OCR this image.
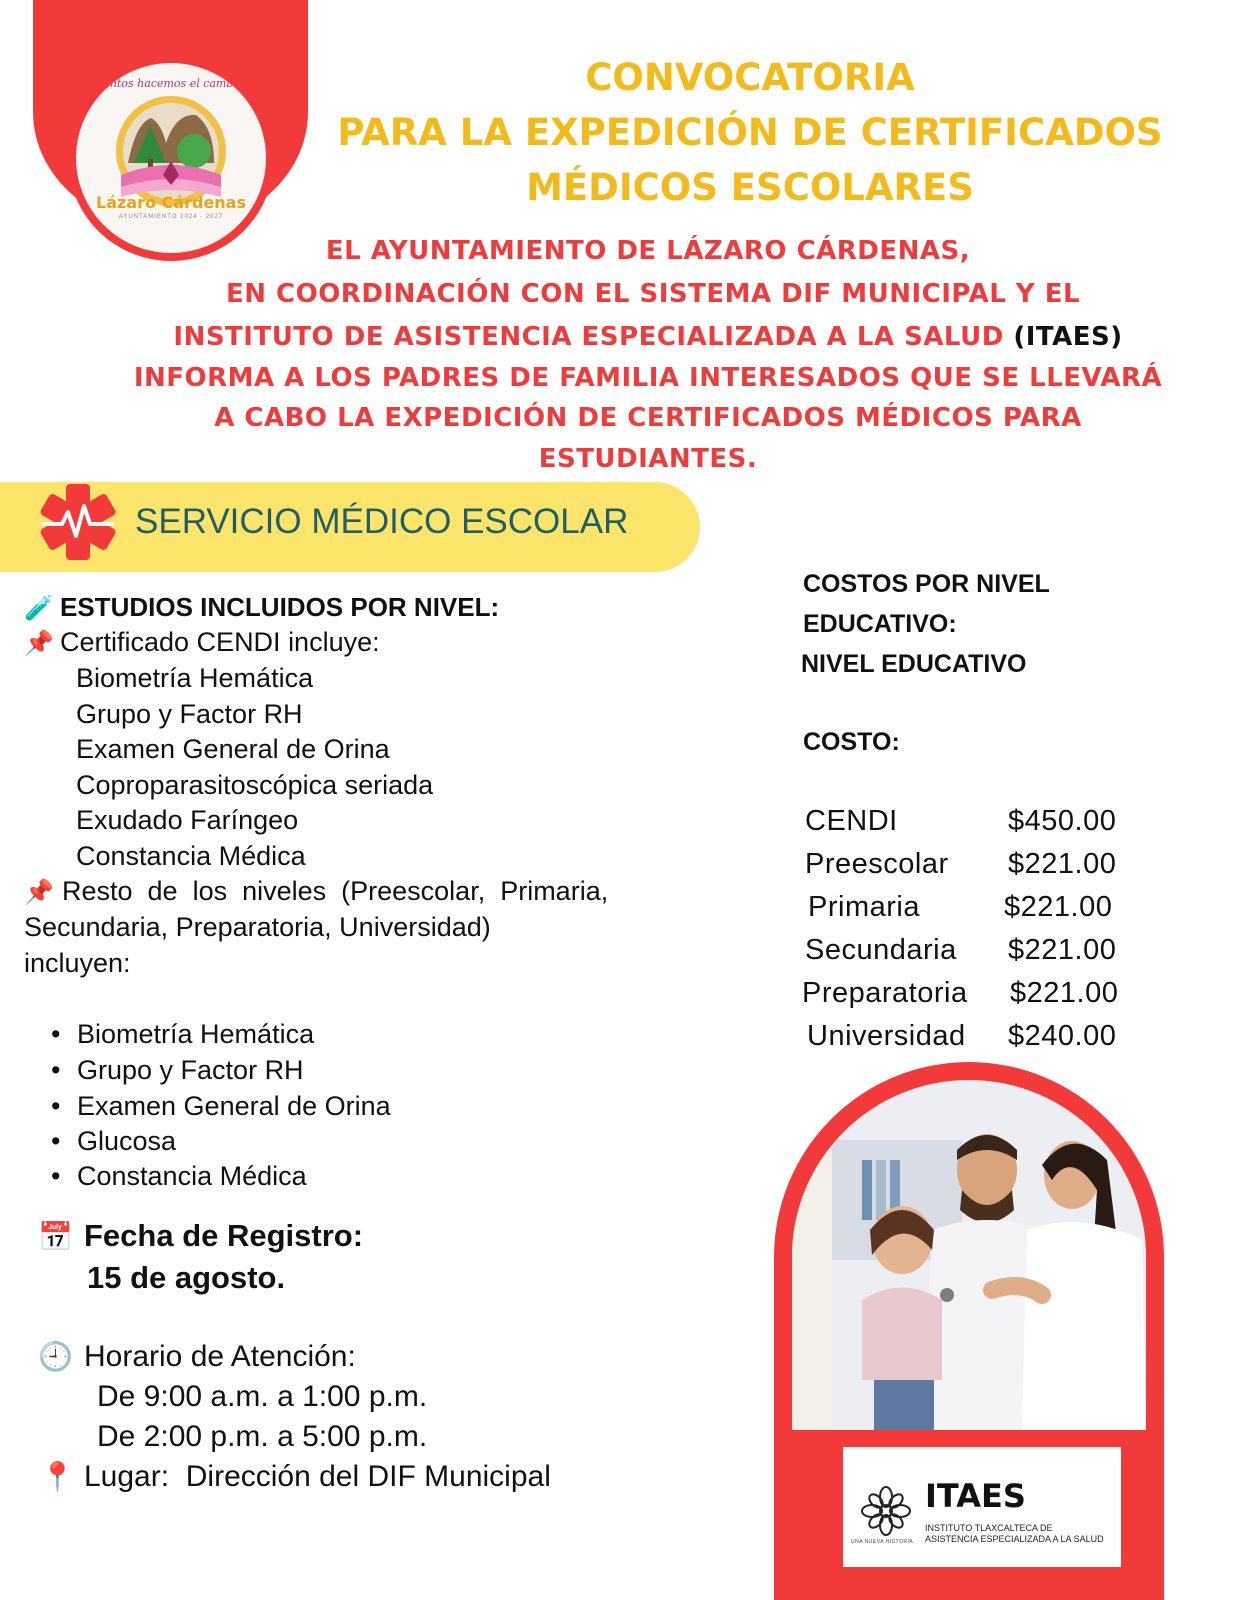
Juntos hacemos el cambio
Lázaro Cárdenas
AYUNTAMIENTO 2024 - 2027
CONVOCATORIA
PARA LA EXPEDICIÓN DE CERTIFICADOS
MÉDICOS ESCOLARES
EL AYUNTAMIENTO DE LÁZARO CÁRDENAS,
EN COORDINACIÓN CON EL SISTEMA DIF MUNICIPAL Y EL
INSTITUTO DE ASISTENCIA ESPECIALIZADA A LA SALUD (ITAES)
INFORMA A LOS PADRES DE FAMILIA INTERESADOS QUE SE LLEVARÁ
A CABO LA EXPEDICIÓN DE CERTIFICADOS MÉDICOS PARA
ESTUDIANTES.
SERVICIO MÉDICO ESCOLAR
🧪 ESTUDIOS INCLUIDOS POR NIVEL:
📌 Certificado CENDI incluye:
Biometría Hemática
Grupo y Factor RH
Examen General de Orina
Coproparasitoscópica seriada
Exudado Faríngeo
Constancia Médica
📌 Resto  de  los  niveles  (Preescolar,  Primaria,
Secundaria, Preparatoria, Universidad)
incluyen:
• Biometría Hemática
• Grupo y Factor RH
• Examen General de Orina
• Glucosa
• Constancia Médica
📅 Fecha de Registro:
15 de agosto.
🕘 Horario de Atención:
De 9:00 a.m. a 1:00 p.m.
De 2:00 p.m. a 5:00 p.m.
📍 Lugar: Dirección del DIF Municipal
COSTOS POR NIVEL
EDUCATIVO:
NIVEL EDUCATIVO
COSTO:
CENDI	$450.00
Preescolar $221.00
Primaria	$221.00
Secundaria $221.00
Preparatoria $221.00
Universidad $240.00
UNA NUEVA HISTORIA
ITAES
INSTITUTO TLAXCALTECA DE
ASISTENCIA ESPECIALIZADA A LA SALUD
